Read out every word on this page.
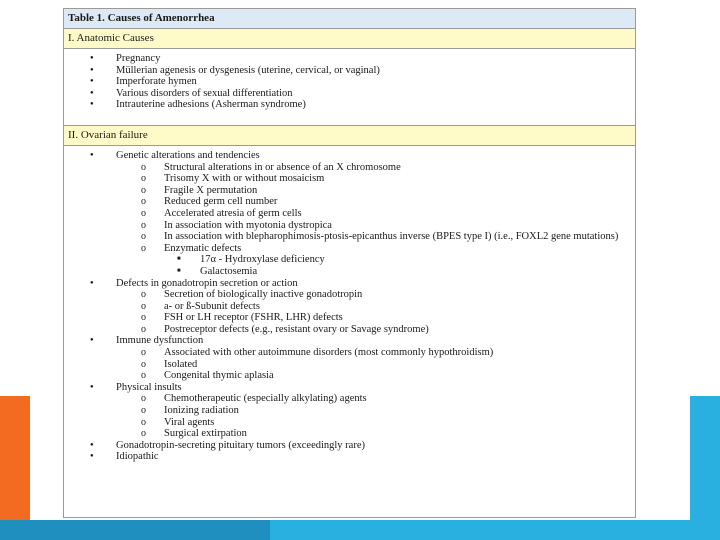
Table 1. Causes of Amenorrhea
I. Anatomic Causes
● Pregnancy
● Müllerian agenesis or dysgenesis (uterine, cervical, or vaginal)
● Imperforate hymen
● Various disorders of sexual differentiation
● Intrauterine adhesions (Asherman syndrome)
II. Ovarian failure
● Genetic alterations and tendencies
o Structural alterations in or absence of an X chromosome
o Trisomy X with or without mosaicism
o Fragile X permutation
o Reduced germ cell number
o Accelerated atresia of germ cells
o In association with myotonia dystropica
o In association with blepharophimosis-ptosis-epicanthus inverse (BPES type I) (i.e., FOXL2 gene mutations)
o Enzymatic defects
■ 17α - Hydroxylase deficiency
■ Galactosemia
● Defects in gonadotropin secretion or action
o Secretion of biologically inactive gonadotropin
o a- or ß-Subunit defects
o FSH or LH receptor (FSHR, LHR) defects
o Postreceptor defects (e.g., resistant ovary or Savage syndrome)
● Immune dysfunction
o Associated with other autoimmune disorders (most commonly hypothroidism)
o Isolated
o Congenital thymic aplasia
● Physical insults
o Chemotherapeutic (especially alkylating) agents
o Ionizing radiation
o Viral agents
o Surgical extirpation
● Gonadotropin-secreting pituitary tumors (exceedingly rare)
● Idiopathic
